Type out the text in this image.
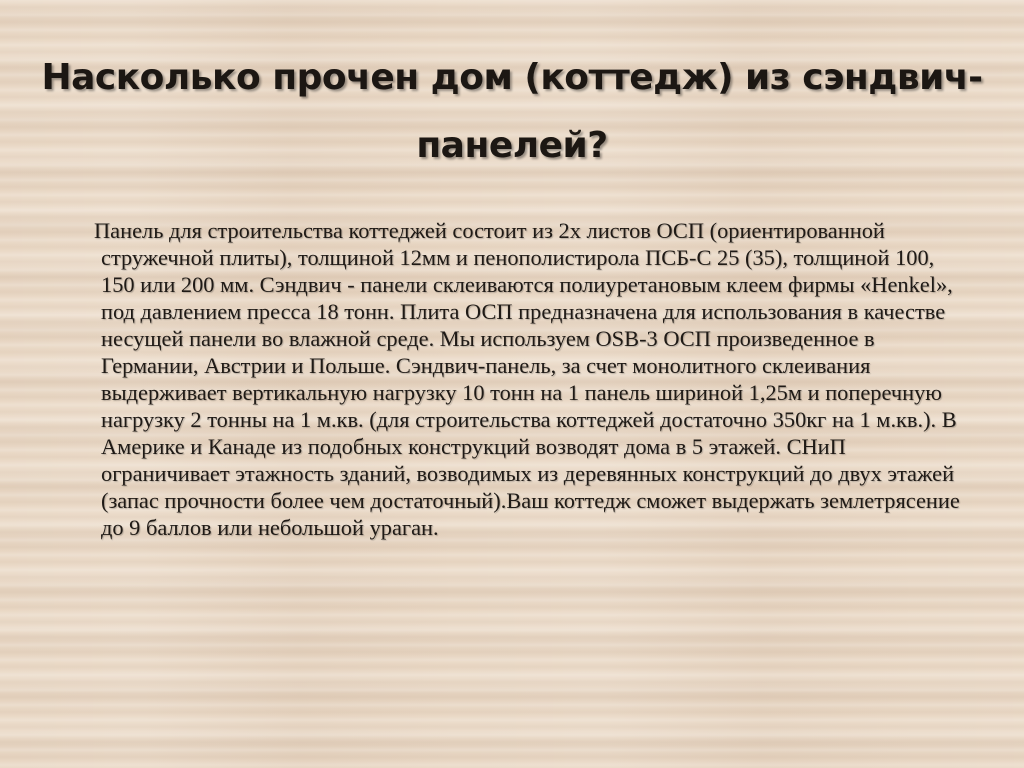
Насколько прочен дом (коттедж) из сэндвич-панелей?

Панель для строительства коттеджей состоит из 2х листов ОСП (ориентированной стружечной плиты), толщиной 12мм и пенополистирола ПСБ-С 25 (35), толщиной 100, 150 или 200 мм. Сэндвич - панели склеиваются полиуретановым клеем фирмы «Henkel», под давлением пресса 18 тонн. Плита ОСП предназначена для использования в качестве несущей панели во влажной среде. Мы используем OSB-3 ОСП произведенное в Германии, Австрии и Польше. Сэндвич-панель, за счет монолитного склеивания выдерживает вертикальную нагрузку 10 тонн на 1 панель шириной 1,25м и поперечную нагрузку 2 тонны на 1 м.кв. (для строительства коттеджей достаточно 350кг на 1 м.кв.). В Америке и Канаде из подобных конструкций возводят дома в 5 этажей. СНиП ограничивает этажность зданий, возводимых из деревянных конструкций до двух этажей (запас прочности более чем достаточный).Ваш коттедж сможет выдержать землетрясение до 9 баллов или небольшой ураган.
